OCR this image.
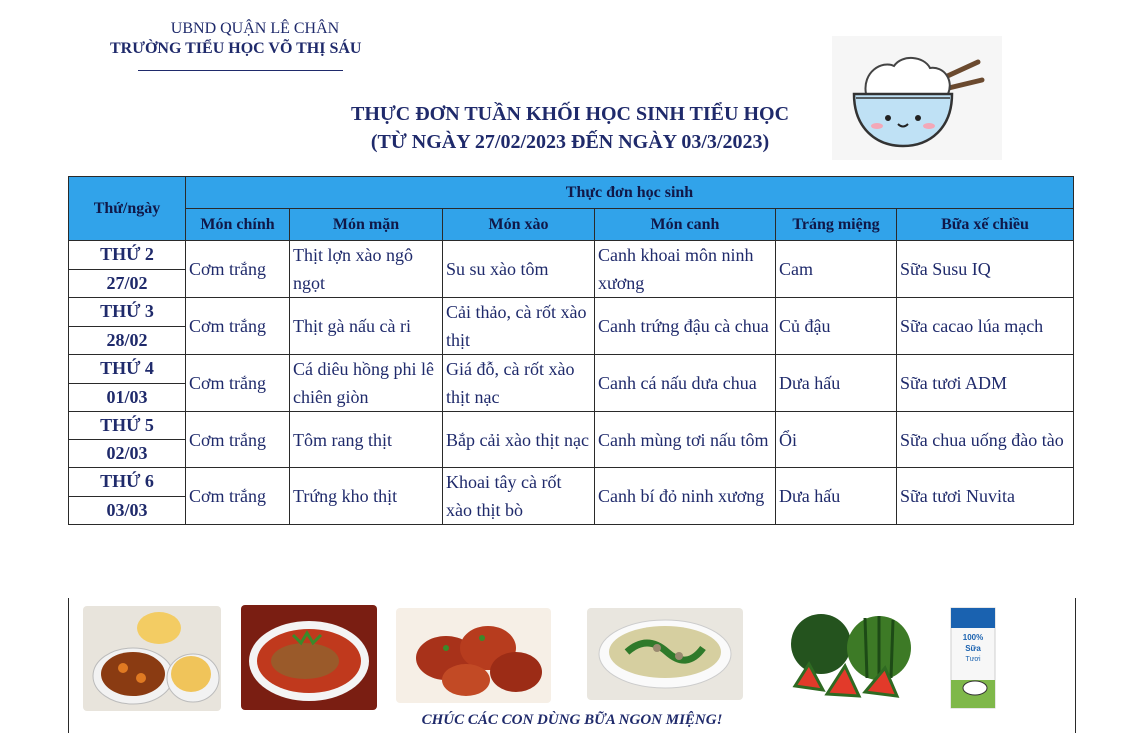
UBND QUẬN LÊ CHÂN
TRƯỜNG TIỂU HỌC VÕ THỊ SÁU
THỰC ĐƠN TUẦN KHỐI HỌC SINH TIỂU HỌC
(TỪ NGÀY 27/02/2023 ĐẾN NGÀY 03/3/2023)
Thứ/ngày	Thực đơn học sinh					
	Món chính	Món mặn	Món xào	Món canh	Tráng miệng	Bữa xế chiều
THỨ 2	Cơm trắng	Thịt lợn xào ngô ngọt	Su su xào tôm	Canh khoai môn ninh xương	Cam	Sữa Susu IQ
27/02						
THỨ 3	Cơm trắng	Thịt gà nấu cà ri	Cải thảo, cà rốt xào thịt	Canh trứng đậu cà chua	Củ đậu	Sữa cacao lúa mạch
28/02						
THỨ 4	Cơm trắng	Cá diêu hồng phi lê chiên giòn	Giá đỗ, cà rốt xào thịt nạc	Canh cá nấu dưa chua	Dưa hấu	Sữa tươi ADM
01/03						
THỨ 5	Cơm trắng	Tôm rang thịt	Bắp cải xào thịt nạc	Canh mùng tơi nấu tôm	Ổi	Sữa chua uống đào tào
02/03						
THỨ 6	Cơm trắng	Trứng kho thịt	Khoai tây cà rốt xào thịt bò	Canh bí đỏ ninh xương	Dưa hấu	Sữa tươi Nuvita
03/03						
100%
Sữa
Tươi
CHÚC CÁC CON DÙNG BỮA NGON MIỆNG!
